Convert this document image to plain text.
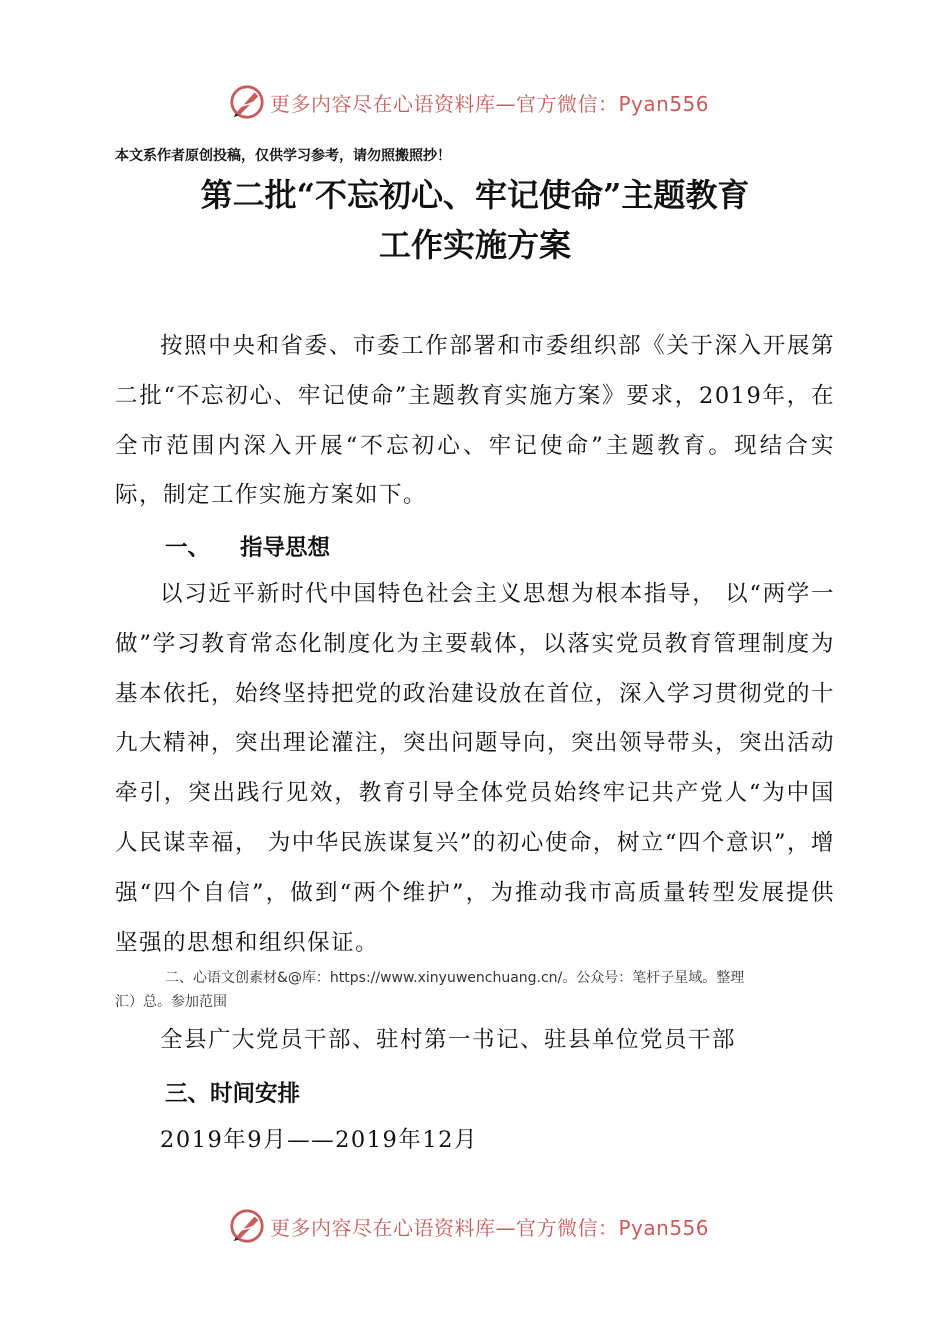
更多内容尽在心语资料库—官方微信：Pyan556
本文系作者原创投稿，仅供学习参考，请勿照搬照抄！
第二批“不忘初心、牢记使命”主题教育
工作实施方案
按照中央和省委、市委工作部署和市委组织部《关于深入开展第二批“不忘初心、牢记使命”主题教育实施方案》要求，2019年，在全市范围内深入开展“不忘初心、牢记使命”主题教育。现结合实际，制定工作实施方案如下。
一、 指导思想
以习近平新时代中国特色社会主义思想为根本指导， 以“两学一做”学习教育常态化制度化为主要载体，以落实党员教育管理制度为基本依托，始终坚持把党的政治建设放在首位，深入学习贯彻党的十九大精神，突出理论灌注，突出问题导向，突出领导带头，突出活动牵引，突出践行见效，教育引导全体党员始终牢记共产党人“为中国人民谋幸福， 为中华民族谋复兴”的初心使命，树立“四个意识”，增强“四个自信”，做到“两个维护”，为推动我市高质量转型发展提供坚强的思想和组织保证。
二、心语文创素材&@库：https://www.xinyuwenchuang.cn/。公众号：笔杆子星域。整理
汇）总。参加范围
全县广大党员干部、驻村第一书记、驻县单位党员干部
三、时间安排
2019年9月——2019年12月
更多内容尽在心语资料库—官方微信：Pyan556
